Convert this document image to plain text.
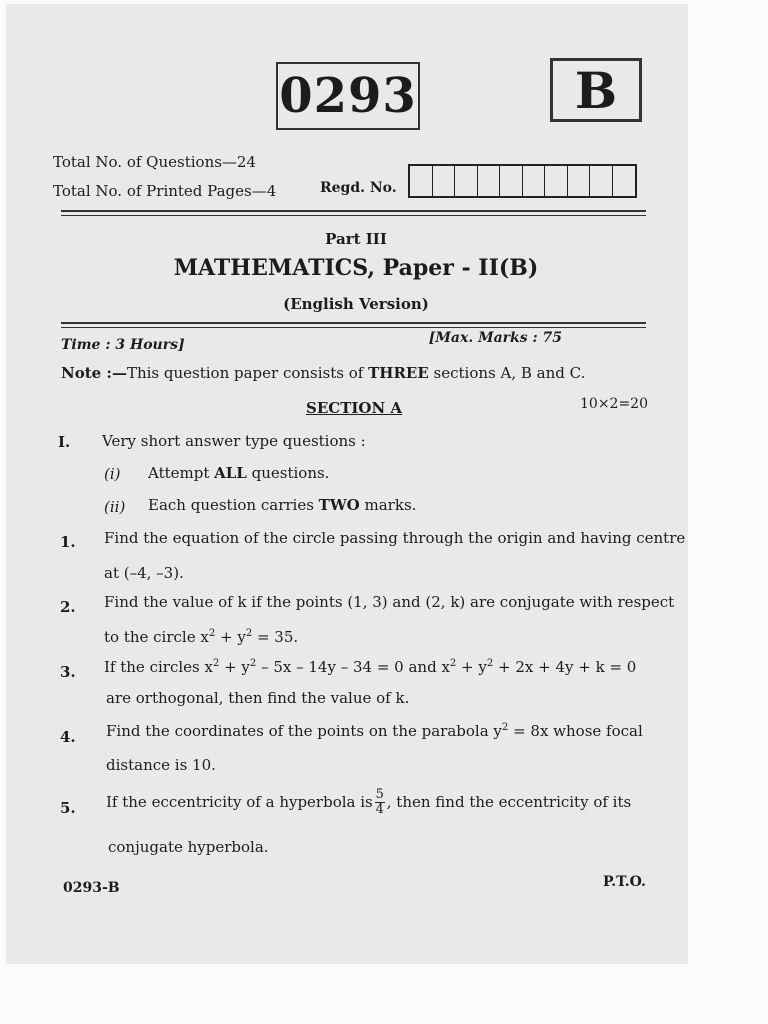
0293	B
Total No. of Questions—24
Total No. of Printed Pages—4	Regd. No.
Part III
MATHEMATICS, Paper - II(B)
(English Version)
Time : 3 Hours]	[Max. Marks : 75
Note :—This question paper consists of THREE sections A, B and C.
SECTION A	10×2=20
I. Very short answer type questions :
(i) Attempt ALL questions.
(ii) Each question carries TWO marks.
1. Find the equation of the circle passing through the origin and having centre
at (–4, –3).
2. Find the value of k if the points (1, 3) and (2, k) are conjugate with respect
to the circle $x^2 + y^2 = 35$.
3. If the circles $x^2 + y^2 - 5x - 14y - 34 = 0$ and $x^2 + y^2 + 2x + 4y + k = 0$
are orthogonal, then find the value of k.
4. Find the coordinates of the points on the parabola $y^2 = 8x$ whose focal
distance is 10.
5. If the eccentricity of a hyperbola is $\frac{5}{4}$ , then find the eccentricity of its
conjugate hyperbola.
0293-B	P.T.O.
